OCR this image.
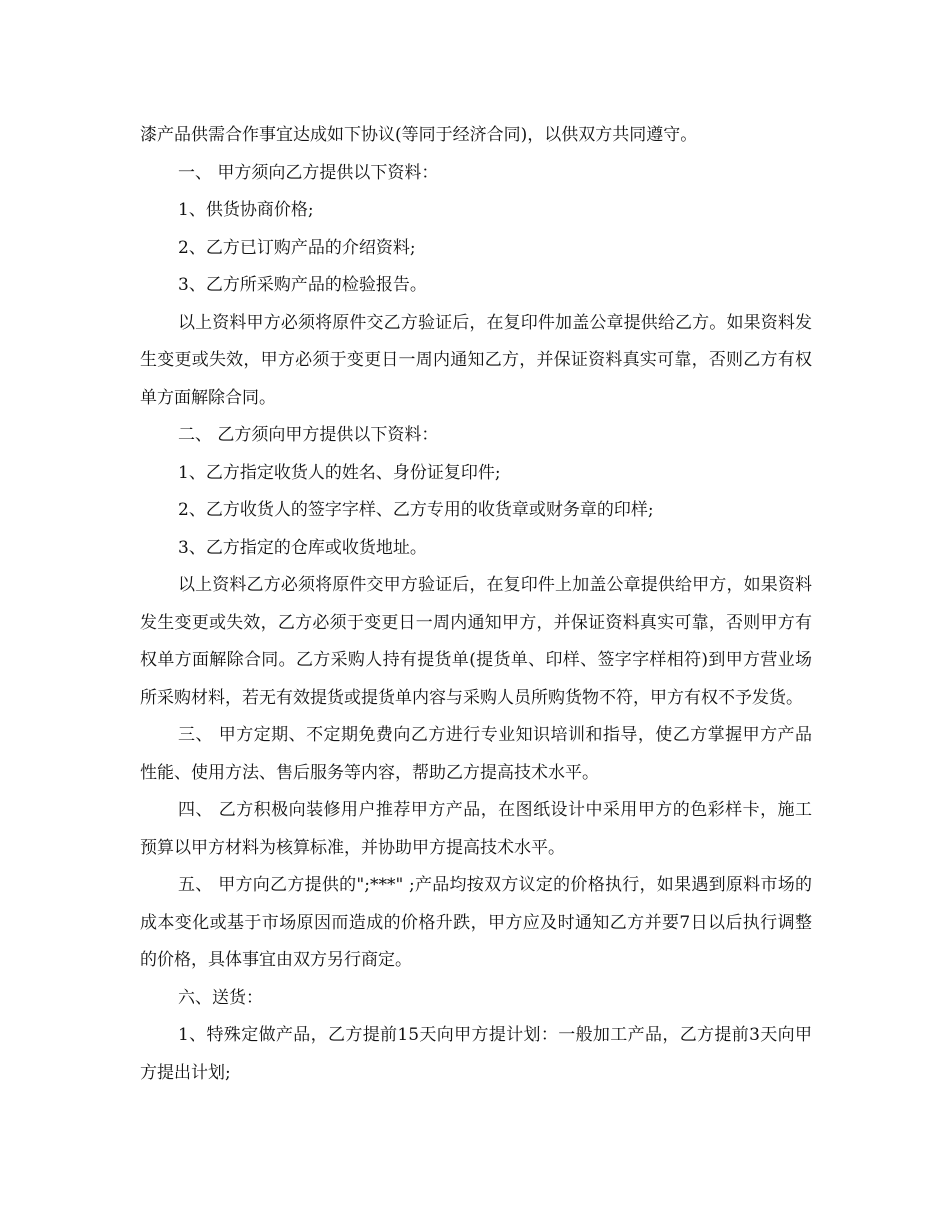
漆产品供需合作事宜达成如下协议(等同于经济合同)，以供双方共同遵守。

一、 甲方须向乙方提供以下资料：

1、供货协商价格;

2、乙方已订购产品的介绍资料;

3、乙方所采购产品的检验报告。

以上资料甲方必须将原件交乙方验证后，在复印件加盖公章提供给乙方。如果资料发生变更或失效，甲方必须于变更日一周内通知乙方，并保证资料真实可靠，否则乙方有权单方面解除合同。

二、 乙方须向甲方提供以下资料：

1、乙方指定收货人的姓名、身份证复印件;

2、乙方收货人的签字字样、乙方专用的收货章或财务章的印样;

3、乙方指定的仓库或收货地址。

以上资料乙方必须将原件交甲方验证后，在复印件上加盖公章提供给甲方，如果资料发生变更或失效，乙方必须于变更日一周内通知甲方，并保证资料真实可靠，否则甲方有权单方面解除合同。乙方采购人持有提货单(提货单、印样、签字字样相符)到甲方营业场所采购材料，若无有效提货或提货单内容与采购人员所购货物不符，甲方有权不予发货。

三、 甲方定期、不定期免费向乙方进行专业知识培训和指导，使乙方掌握甲方产品性能、使用方法、售后服务等内容，帮助乙方提高技术水平。

四、 乙方积极向装修用户推荐甲方产品，在图纸设计中采用甲方的色彩样卡，施工预算以甲方材料为核算标准，并协助甲方提高技术水平。

五、 甲方向乙方提供的";***" ;产品均按双方议定的价格执行，如果遇到原料市场的成本变化或基于市场原因而造成的价格升跌，甲方应及时通知乙方并要7日以后执行调整的价格，具体事宜由双方另行商定。

六、送货：

1、特殊定做产品，乙方提前15天向甲方提计划：一般加工产品，乙方提前3天向甲方提出计划;
